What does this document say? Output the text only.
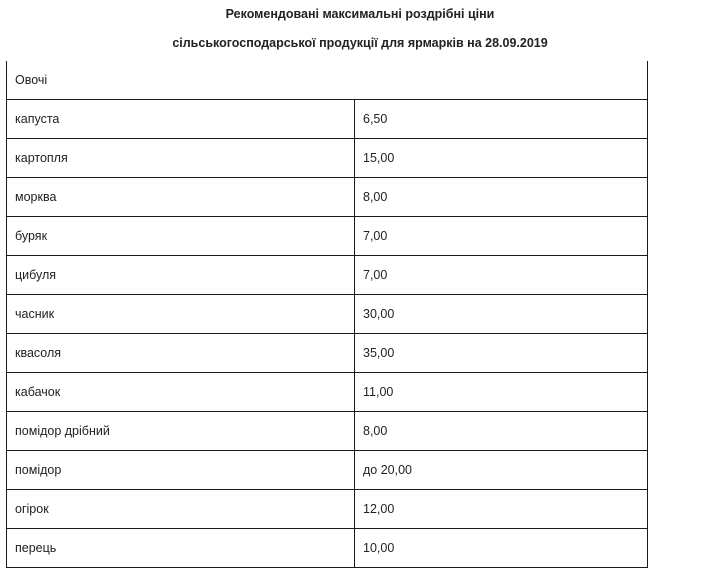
Рекомендовані максимальні роздрібні ціни
сільськогосподарської продукції для ярмарків на 28.09.2019
Овочі	
капуста	6,50
картопля	15,00
морква	8,00
буряк	7,00
цибуля	7,00
часник	30,00
квасоля	35,00
кабачок	11,00
помідор дрібний	8,00
помідор	до 20,00
огірок	12,00
перець	10,00
